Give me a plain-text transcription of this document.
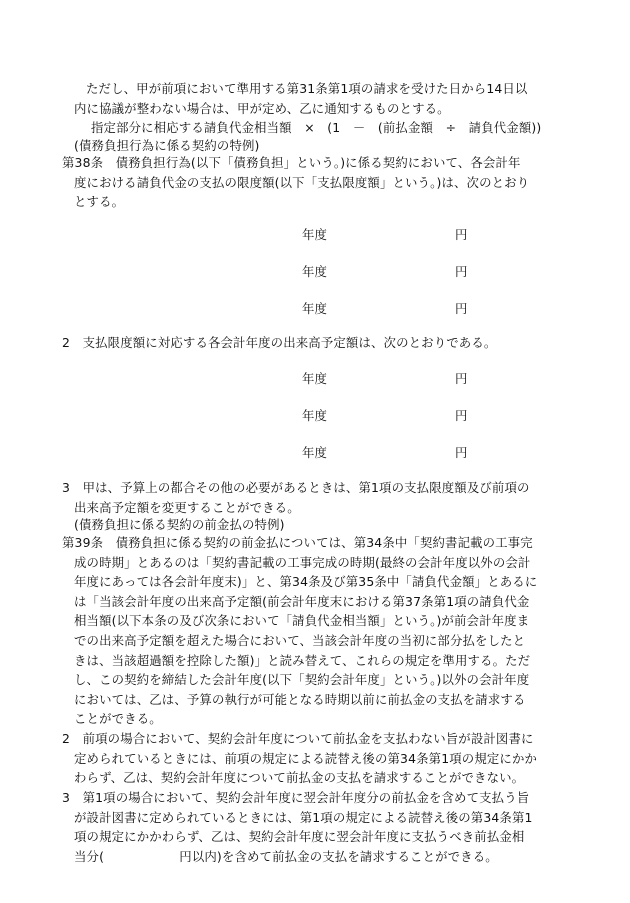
ただし、甲が前項において準用する第31条第1項の請求を受けた日から14日以
内に協議が整わない場合は、甲が定め、乙に通知するものとする。
指定部分に相応する請負代金相当額　×　(1　－　(前払金額　÷　請負代金額))
(債務負担行為に係る契約の特例)
第38条　債務負担行為(以下「債務負担」という。)に係る契約において、各会計年
度における請負代金の支払の限度額(以下「支払限度額」という。)は、次のとおり
とする。
年度	円
年度	円
年度	円
2　支払限度額に対応する各会計年度の出来高予定額は、次のとおりである。
年度	円
年度	円
年度	円
3　甲は、予算上の都合その他の必要があるときは、第1項の支払限度額及び前項の
出来高予定額を変更することができる。
(債務負担に係る契約の前金払の特例)
第39条　債務負担に係る契約の前金払については、第34条中「契約書記載の工事完
成の時期」とあるのは「契約書記載の工事完成の時期(最終の会計年度以外の会計
年度にあっては各会計年度末)」と、第34条及び第35条中「請負代金額」とあるに
は「当該会計年度の出来高予定額(前会計年度末における第37条第1項の請負代金
相当額(以下本条の及び次条において「請負代金相当額」という。)が前会計年度ま
での出来高予定額を超えた場合において、当該会計年度の当初に部分払をしたと
きは、当該超過額を控除した額)」と読み替えて、これらの規定を準用する。ただ
し、この契約を締結した会計年度(以下「契約会計年度」という。)以外の会計年度
においては、乙は、予算の執行が可能となる時期以前に前払金の支払を請求する
ことができる。
2　前項の場合において、契約会計年度について前払金を支払わない旨が設計図書に
定められているときには、前項の規定による読替え後の第34条第1項の規定にかか
わらず、乙は、契約会計年度について前払金の支払を請求することができない。
3　第1項の場合において、契約会計年度に翌会計年度分の前払金を含めて支払う旨
が設計図書に定められているときには、第1項の規定による読替え後の第34条第1
項の規定にかかわらず、乙は、契約会計年度に翌会計年度に支払うべき前払金相
当分(　　　　　　円以内)を含めて前払金の支払を請求することができる。
